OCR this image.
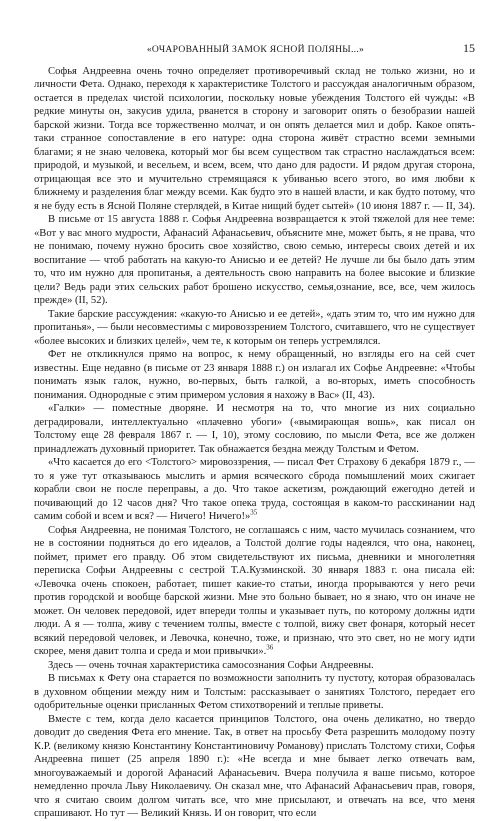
«ОЧАРОВАННЫЙ ЗАМОК ЯСНОЙ ПОЛЯНЫ...»	15

Софья Андреевна очень точно определяет противоречивый склад не только жизни, но и личности Фета. Однако, переходя к характеристике Толстого и рассуждая аналогичным образом, остается в пределах чистой психологии, поскольку новые убеждения Толстого ей чужды: «В редкие минуты он, закусив удила, рванется в сторону и заговорит опять о безобразии нашей барской жизни. Тогда все торжественно молчат, и он опять делается мил и добр. Какое опять-таки странное сопоставление в его натуре: одна сторона живёт страстно всеми земными благами; я не знаю человека, который мог бы всем существом так страстно наслаждаться всем: природой, и музыкой, и весельем, и всем, всем, что дано для радости. И рядом другая сторона, отрицающая все это и мучительно стремящаяся к убиванью всего этого, во имя любви к ближнему и разделения благ между всеми. Как будто это в нашей власти, и как будто потому, что я не буду есть в Ясной Поляне стерлядей, в Китае нищий будет сытей» (10 июня 1887 г. — II, 34).

В письме от 15 августа 1888 г. Софья Андреевна возвращается к этой тяжелой для нее теме: «Вот у вас много мудрости, Афанасий Афанасьевич, объясните мне, может быть, я не права, что не понимаю, почему нужно бросить свое хозяйство, свою семью, интересы своих детей и их воспитание — чтоб работать на какую-то Анисью и ее детей? Не лучше ли бы было дать этим то, что им нужно для пропитанья, а деятельность свою направить на более высокие и близкие цели? Ведь ради этих сельских работ брошено искусство, семья,ознание, все, все, чем жилось прежде» (II, 52).

Такие барские рассуждения: «какую-то Анисью и ее детей», «дать этим то, что им нужно для пропитанья», — были несовместимы с мировоззрением Толстого, считавшего, что не существует «более высоких и близких целей», чем те, к которым он теперь устремлялся.

Фет не откликнулся прямо на вопрос, к нему обращенный, но взгляды его на сей счет известны. Еще недавно (в письме от 23 января 1888 г.) он излагал их Софье Андреевне: «Чтобы понимать язык галок, нужно, во-первых, быть галкой, а во-вторых, иметь способность понимания. Однородные с этим примером условия я нахожу в Вас» (II, 43).

«Галки» — поместные дворяне. И несмотря на то, что многие из них социально деградировали, интеллектуально «плачевно убоги» («вымирающая вошь», как писал он Толстому еще 28 февраля 1867 г. — I, 10), этому сословию, по мысли Фета, все же должен принадлежать духовный приоритет. Так обнажается бездна между Толстым и Фетом.

«Что касается до его <Толстого> мировоззрения, — писал Фет Страхову 6 декабря 1879 г., — то я уже тут отказываюсь мыслить и армия всяческого сброда помышлений моих сжигает корабли свои не после переправы, а до. Что такое аскетизм, рождающий ежегодно детей и почивающий до 12 часов дня? Что такое опека труда, состоящая в каком-то расскинании над самим собой и всем и вся? — Ничего! Ничего!»$^{35}$

Софья Андреевна, не понимая Толстого, не соглашаясь с ним, часто мучилась сознанием, что не в состоянии подняться до его идеалов, а Толстой долгие годы надеялся, что она, наконец, поймет, примет его правду. Об этом свидетельствуют их письма, дневники и многолетняя переписка Софьи Андреевны с сестрой Т.А.Кузминской. 30 января 1883 г. она писала ей: «Левочка очень спокоен, работает, пишет какие-то статьи, иногда прорываются у него речи против городской и вообще барской жизни. Мне это больно бывает, но я знаю, что он иначе не может. Он человек передовой, идет впереди толпы и указывает путь, по которому должны идти люди. А я — толпа, живу с течением толпы, вместе с толпой, вижу свет фонаря, который несет всякий передовой человек, и Левочка, конечно, тоже, и признаю, что это свет, но не могу идти скорее, меня давит толпа и среда и мои привычки».$^{36}$

Здесь — очень точная характеристика самосознания Софьи Андреевны.

В письмах к Фету она старается по возможности заполнить ту пустоту, которая образовалась в духовном общении между ним и Толстым: рассказывает о занятиях Толстого, передает его одобрительные оценки присланных Фетом стихотворений и теплые приветы.

Вместе с тем, когда дело касается принципов Толстого, она очень деликатно, но твердо доводит до сведения Фета его мнение. Так, в ответ на просьбу Фета разрешить молодому поэту К.Р. (великому князю Константину Константиновичу Романову) прислать Толстому стихи, Софья Андреевна пишет (25 апреля 1890 г.): «Не всегда и мне бывает легко отвечать вам, многоуважаемый и дорогой Афанасий Афанасьевич. Вчера получила я ваше письмо, которое немедленно прочла Льву Николаевичу. Он сказал мне, что Афанасий Афанасьевич прав, говоря, что я считаю своим долгом читать все, что мне присылают, и отвечать на все, что меня спрашивают. Но тут — Великий Князь. И он говорит, что если
